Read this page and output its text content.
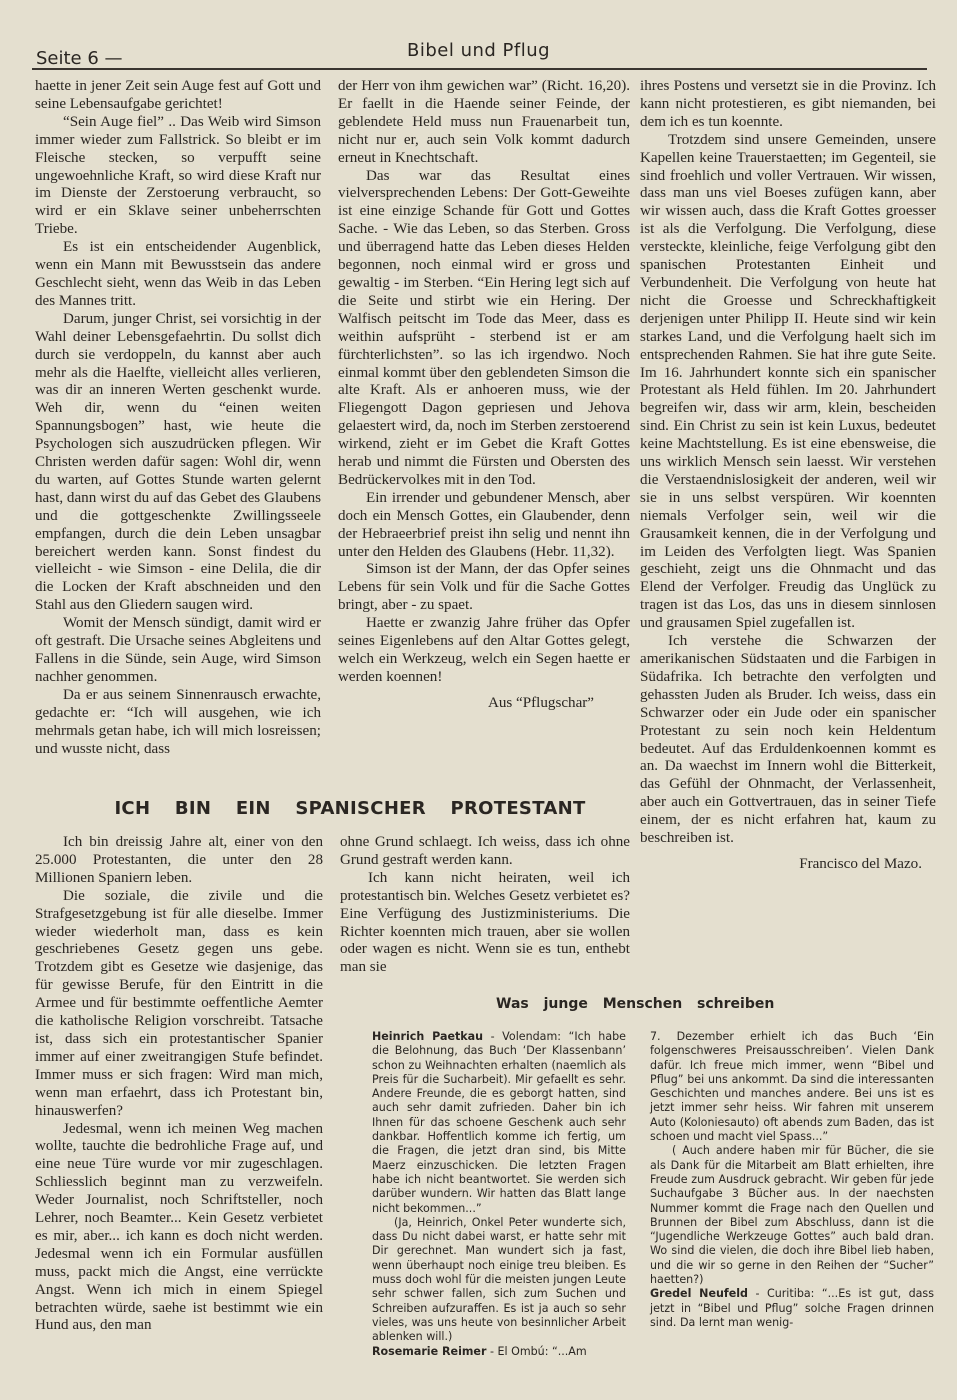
Seite 6 —	Bibel und Pflug

haette in jener Zeit sein Auge fest auf Gott und seine Lebensaufgabe gerichtet!

“Sein Auge fiel” .. Das Weib wird Simson immer wieder zum Fallstrick. So bleibt er im Fleische stecken, so verpufft seine ungewoehnliche Kraft, so wird diese Kraft nur im Dienste der Zerstoerung verbraucht, so wird er ein Sklave seiner unbeherrschten Triebe.

Es ist ein entscheidender Augenblick, wenn ein Mann mit Bewusstsein das andere Geschlecht sieht, wenn das Weib in das Leben des Mannes tritt.

Darum, junger Christ, sei vorsichtig in der Wahl deiner Lebensgefaehrtin. Du sollst dich durch sie verdoppeln, du kannst aber auch mehr als die Haelfte, vielleicht alles verlieren, was dir an inneren Werten geschenkt wurde. Weh dir, wenn du “einen weiten Spannungsbogen” hast, wie heute die Psychologen sich auszudrücken pflegen. Wir Christen werden dafür sagen: Wohl dir, wenn du warten, auf Gottes Stunde warten gelernt hast, dann wirst du auf das Gebet des Glaubens und die gottgeschenkte Zwillingsseele empfangen, durch die dein Leben unsagbar bereichert werden kann. Sonst findest du vielleicht - wie Simson - eine Delila, die dir die Locken der Kraft abschneiden und den Stahl aus den Gliedern saugen wird.

Womit der Mensch sündigt, damit wird er oft gestraft. Die Ursache seines Abgleitens und Fallens in die Sünde, sein Auge, wird Simson nachher genommen.

Da er aus seinem Sinnenrausch erwachte, gedachte er: “Ich will ausgehen, wie ich mehrmals getan habe, ich will mich losreissen; und wusste nicht, dass

der Herr von ihm gewichen war” (Richt. 16,20). Er faellt in die Haende seiner Feinde, der geblendete Held muss nun Frauenarbeit tun, nicht nur er, auch sein Volk kommt dadurch erneut in Knechtschaft.

Das war das Resultat eines vielversprechenden Lebens: Der Gott-Geweihte ist eine einzige Schande für Gott und Gottes Sache. - Wie das Leben, so das Sterben. Gross und überragend hatte das Leben dieses Helden begonnen, noch einmal wird er gross und gewaltig - im Sterben. “Ein Hering legt sich auf die Seite und stirbt wie ein Hering. Der Walfisch peitscht im Tode das Meer, dass es weithin aufsprüht - sterbend ist er am fürchterlichsten”. so las ich irgendwo. Noch einmal kommt über den geblendeten Simson die alte Kraft. Als er anhoeren muss, wie der Fliegengott Dagon gepriesen und Jehova gelaestert wird, da, noch im Sterben zerstoerend wirkend, zieht er im Gebet die Kraft Gottes herab und nimmt die Fürsten und Obersten des Bedrückervolkes mit in den Tod.

Ein irrender und gebundener Mensch, aber doch ein Mensch Gottes, ein Glaubender, denn der Hebraeerbrief preist ihn selig und nennt ihn unter den Helden des Glaubens (Hebr. 11,32).

Simson ist der Mann, der das Opfer seines Lebens für sein Volk und für die Sache Gottes bringt, aber - zu spaet.

Haette er zwanzig Jahre früher das Opfer seines Eigenlebens auf den Altar Gottes gelegt, welch ein Werkzeug, welch ein Segen haette er werden koennen!

Aus “Pflugschar”

ihres Postens und versetzt sie in die Provinz. Ich kann nicht protestieren, es gibt niemanden, bei dem ich es tun koennte.

Trotzdem sind unsere Gemeinden, unsere Kapellen keine Trauerstaetten; im Gegenteil, sie sind froehlich und voller Vertrauen. Wir wissen, dass man uns viel Boeses zufügen kann, aber wir wissen auch, dass die Kraft Gottes groesser ist als die Verfolgung. Die Verfolgung, diese versteckte, kleinliche, feige Verfolgung gibt den spanischen Protestanten Einheit und Verbundenheit. Die Verfolgung von heute hat nicht die Groesse und Schreckhaftigkeit derjenigen unter Philipp II. Heute sind wir kein starkes Land, und die Verfolgung haelt sich im entsprechenden Rahmen. Sie hat ihre gute Seite. Im 16. Jahrhundert konnte sich ein spanischer Protestant als Held fühlen. Im 20. Jahrhundert begreifen wir, dass wir arm, klein, bescheiden sind. Ein Christ zu sein ist kein Luxus, bedeutet keine Machtstellung. Es ist eine ebensweise, die uns wirklich Mensch sein laesst. Wir verstehen die Verstaendnislosigkeit der anderen, weil wir sie in uns selbst verspüren. Wir koennten niemals Verfolger sein, weil wir die Grausamkeit kennen, die in der Verfolgung und im Leiden des Verfolgten liegt. Was Spanien geschieht, zeigt uns die Ohnmacht und das Elend der Verfolger. Freudig das Unglück zu tragen ist das Los, das uns in diesem sinnlosen und grausamen Spiel zugefallen ist.

Ich verstehe die Schwarzen der amerikanischen Südstaaten und die Farbigen in Südafrika. Ich betrachte den verfolgten und gehassten Juden als Bruder. Ich weiss, dass ein Schwarzer oder ein Jude oder ein spanischer Protestant zu sein noch kein Heldentum bedeutet. Auf das Erduldenkoennen kommt es an. Da waechst im Innern wohl die Bitterkeit, das Gefühl der Ohnmacht, der Verlassenheit, aber auch ein Gottvertrauen, das in seiner Tiefe einem, der es nicht erfahren hat, kaum zu beschreiben ist.

Francisco del Mazo.

ICH BIN EIN SPANISCHER PROTESTANT

Ich bin dreissig Jahre alt, einer von den 25.000 Protestanten, die unter den 28 Millionen Spaniern leben.

Die soziale, die zivile und die Strafgesetzgebung ist für alle dieselbe. Immer wieder wiederholt man, dass es kein geschriebenes Gesetz gegen uns gebe. Trotzdem gibt es Gesetze wie dasjenige, das für gewisse Berufe, für den Eintritt in die Armee und für bestimmte oeffentliche Aemter die katholische Religion vorschreibt. Tatsache ist, dass sich ein protestantischer Spanier immer auf einer zweitrangigen Stufe befindet. Immer muss er sich fragen: Wird man mich, wenn man erfaehrt, dass ich Protestant bin, hinauswerfen?

Jedesmal, wenn ich meinen Weg machen wollte, tauchte die bedrohliche Frage auf, und eine neue Türe wurde vor mir zugeschlagen. Schliesslich beginnt man zu verzweifeln. Weder Journalist, noch Schriftsteller, noch Lehrer, noch Beamter... Kein Gesetz verbietet es mir, aber... ich kann es doch nicht werden. Jedesmal wenn ich ein Formular ausfüllen muss, packt mich die Angst, eine verrückte Angst. Wenn ich mich in einem Spiegel betrachten würde, saehe ist bestimmt wie ein Hund aus, den man

ohne Grund schlaegt. Ich weiss, dass ich ohne Grund gestraft werden kann.

Ich kann nicht heiraten, weil ich protestantisch bin. Welches Gesetz verbietet es? Eine Verfügung des Justizministeriums. Die Richter koennten mich trauen, aber sie wollen oder wagen es nicht. Wenn sie es tun, enthebt man sie

Was junge Menschen schreiben

Heinrich Paetkau - Volendam: “Ich habe die Belohnung, das Buch ‘Der Klassenbann’ schon zu Weihnachten erhalten (naemlich als Preis für die Sucharbeit). Mir gefaellt es sehr. Andere Freunde, die es geborgt hatten, sind auch sehr damit zufrieden. Daher bin ich Ihnen für das schoene Geschenk auch sehr dankbar. Hoffentlich komme ich fertig, um die Fragen, die jetzt dran sind, bis Mitte Maerz einzuschicken. Die letzten Fragen habe ich nicht beantwortet. Sie werden sich darüber wundern. Wir hatten das Blatt lange nicht bekommen...”

(Ja, Heinrich, Onkel Peter wunderte sich, dass Du nicht dabei warst, er hatte sehr mit Dir gerechnet. Man wundert sich ja fast, wenn überhaupt noch einige treu bleiben. Es muss doch wohl für die meisten jungen Leute sehr schwer fallen, sich zum Suchen und Schreiben aufzuraffen. Es ist ja auch so sehr vieles, was uns heute von besinnlicher Arbeit ablenken will.)

Rosemarie Reimer - El Ombú: “...Am

7. Dezember erhielt ich das Buch ‘Ein folgenschweres Preisausschreiben’. Vielen Dank dafür. Ich freue mich immer, wenn “Bibel und Pflug” bei uns ankommt. Da sind die interessanten Geschichten und manches andere. Bei uns ist es jetzt immer sehr heiss. Wir fahren mit unserem Auto (Koloniesauto) oft abends zum Baden, das ist schoen und macht viel Spass...”

( Auch andere haben mir für Bücher, die sie als Dank für die Mitarbeit am Blatt erhielten, ihre Freude zum Ausdruck gebracht. Wir geben für jede Suchaufgabe 3 Bücher aus. In der naechsten Nummer kommt die Frage nach den Quellen und Brunnen der Bibel zum Abschluss, dann ist die “Jugendliche Werkzeuge Gottes” auch bald dran. Wo sind die vielen, die doch ihre Bibel lieb haben, und die wir so gerne in den Reihen der “Sucher” haetten?)

Gredel Neufeld - Curitiba: “...Es ist gut, dass jetzt in “Bibel und Pflug” solche Fragen drinnen sind. Da lernt man wenig-
